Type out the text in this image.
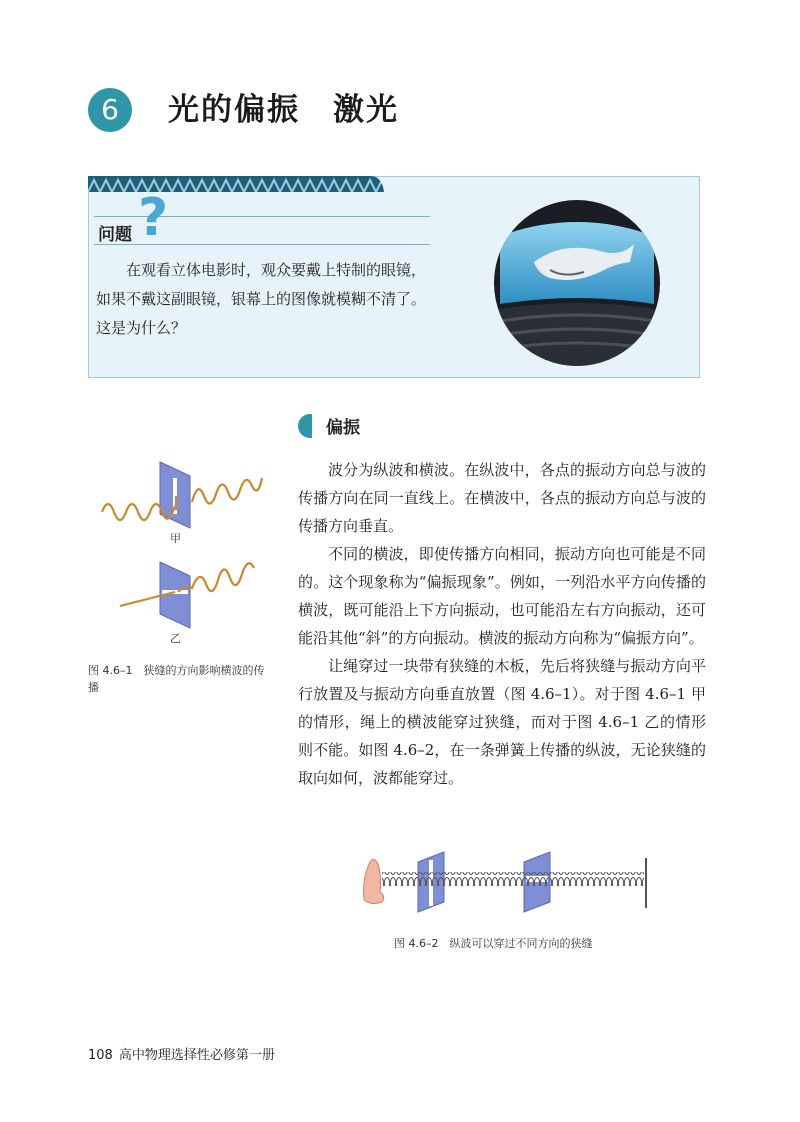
6	光的偏振　激光
问题 ?

　　在观看立体电影时，观众要戴上特制的眼镜，

如果不戴这副眼镜，银幕上的图像就模糊不清了。

这是为什么？

偏振

波分为纵波和横波。在纵波中，各点的振动方向总与波的传播方向在同一直线上。在横波中，各点的振动方向总与波的传播方向垂直。

不同的横波，即使传播方向相同，振动方向也可能是不同的。这个现象称为“偏振现象”。例如，一列沿水平方向传播的横波，既可能沿上下方向振动，也可能沿左右方向振动，还可能沿其他“斜”的方向振动。横波的振动方向称为“偏振方向”。

让绳穿过一块带有狭缝的木板，先后将狭缝与振动方向平行放置及与振动方向垂直放置（图 4.6–1）。对于图 4.6–1 甲的情形，绳上的横波能穿过狭缝，而对于图 4.6–1 乙的情形则不能。如图 4.6–2，在一条弹簧上传播的纵波，无论狭缝的取向如何，波都能穿过。

甲
乙
图 4.6–1　狭缝的方向影响横波的传播
图 4.6–2　纵波可以穿过不同方向的狭缝
108 高中物理选择性必修第一册
